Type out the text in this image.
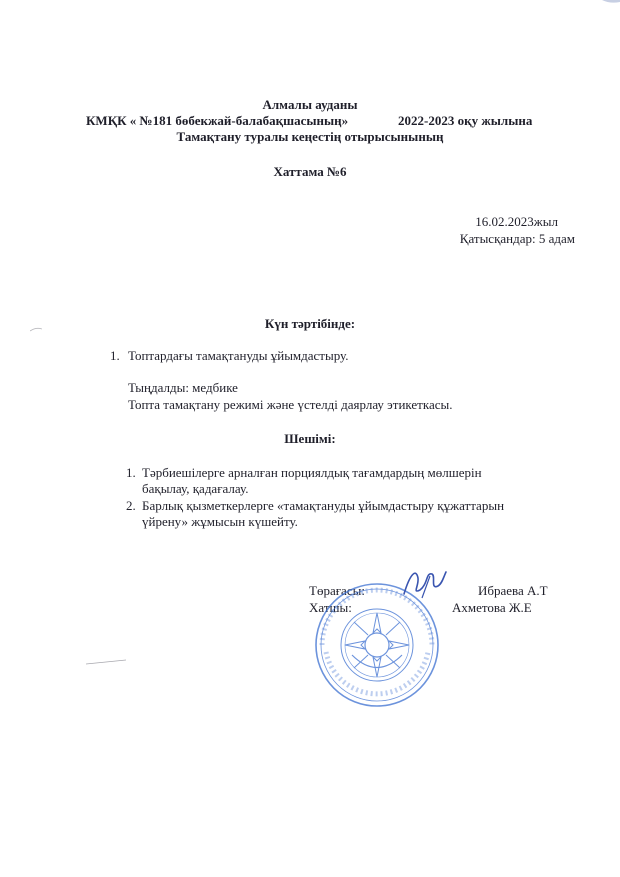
Алмалы ауданы
КМҚК « №181 бөбекжай-балабақшасының»	2022-2023 оқу жылына
Тамақтану туралы кеңестің отырысынының
Хаттама №6
16.02.2023жыл
Қатысқандар: 5 адам
Күн тәртібінде:
1. Топтардағы тамақтануды ұйымдастыру.
Тыңдалды: медбике
Топта тамақтану режимі және үстелді даярлау этикеткасы.
Шешімі:
1. Тәрбиешілерге арналған порциялдық тағамдардың мөлшерін
бақылау, қадағалау.
2. Барлық қызметкерлерге «тамақтануды ұйымдастыру құжаттарын
үйрену» жұмысын күшейту.
Төрағасы:	Ибраева А.Т
Хатшы:	Ахметова Ж.Е
